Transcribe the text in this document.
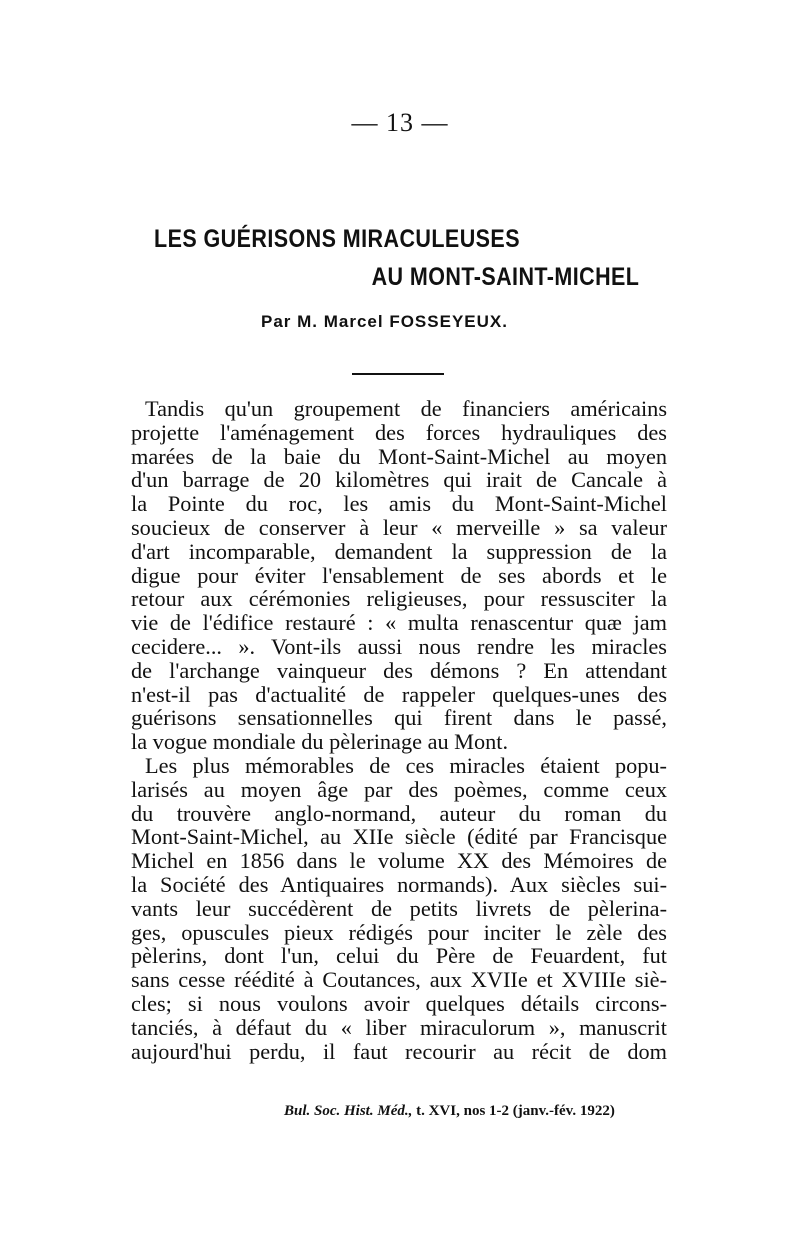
— 13 —
LES GUÉRISONS MIRACULEUSES
AU MONT-SAINT-MICHEL
Par M. Marcel FOSSEYEUX.
Tandis qu'un groupement de financiers américains
projette l'aménagement des forces hydrauliques des
marées de la baie du Mont-Saint-Michel au moyen
d'un barrage de 20 kilomètres qui irait de Cancale à
la Pointe du roc, les amis du Mont-Saint-Michel
soucieux de conserver à leur « merveille » sa valeur
d'art incomparable, demandent la suppression de la
digue pour éviter l'ensablement de ses abords et le
retour aux cérémonies religieuses, pour ressusciter la
vie de l'édifice restauré : « multa renascentur quæ jam
cecidere... ». Vont-ils aussi nous rendre les miracles
de l'archange vainqueur des démons ? En attendant
n'est-il pas d'actualité de rappeler quelques-unes des
guérisons sensationnelles qui firent dans le passé,
la vogue mondiale du pèlerinage au Mont.
Les plus mémorables de ces miracles étaient popu-
larisés au moyen âge par des poèmes, comme ceux
du trouvère anglo-normand, auteur du roman du
Mont-Saint-Michel, au XIIe siècle (édité par Francisque
Michel en 1856 dans le volume XX des Mémoires de
la Société des Antiquaires normands). Aux siècles sui-
vants leur succédèrent de petits livrets de pèlerina-
ges, opuscules pieux rédigés pour inciter le zèle des
pèlerins, dont l'un, celui du Père de Feuardent, fut
sans cesse réédité à Coutances, aux XVIIe et XVIIIe siè-
cles; si nous voulons avoir quelques détails circons-
tanciés, à défaut du « liber miraculorum », manuscrit
aujourd'hui perdu, il faut recourir au récit de dom
Bul. Soc. Hist. Méd., t. XVI, nos 1-2 (janv.-fév. 1922)
